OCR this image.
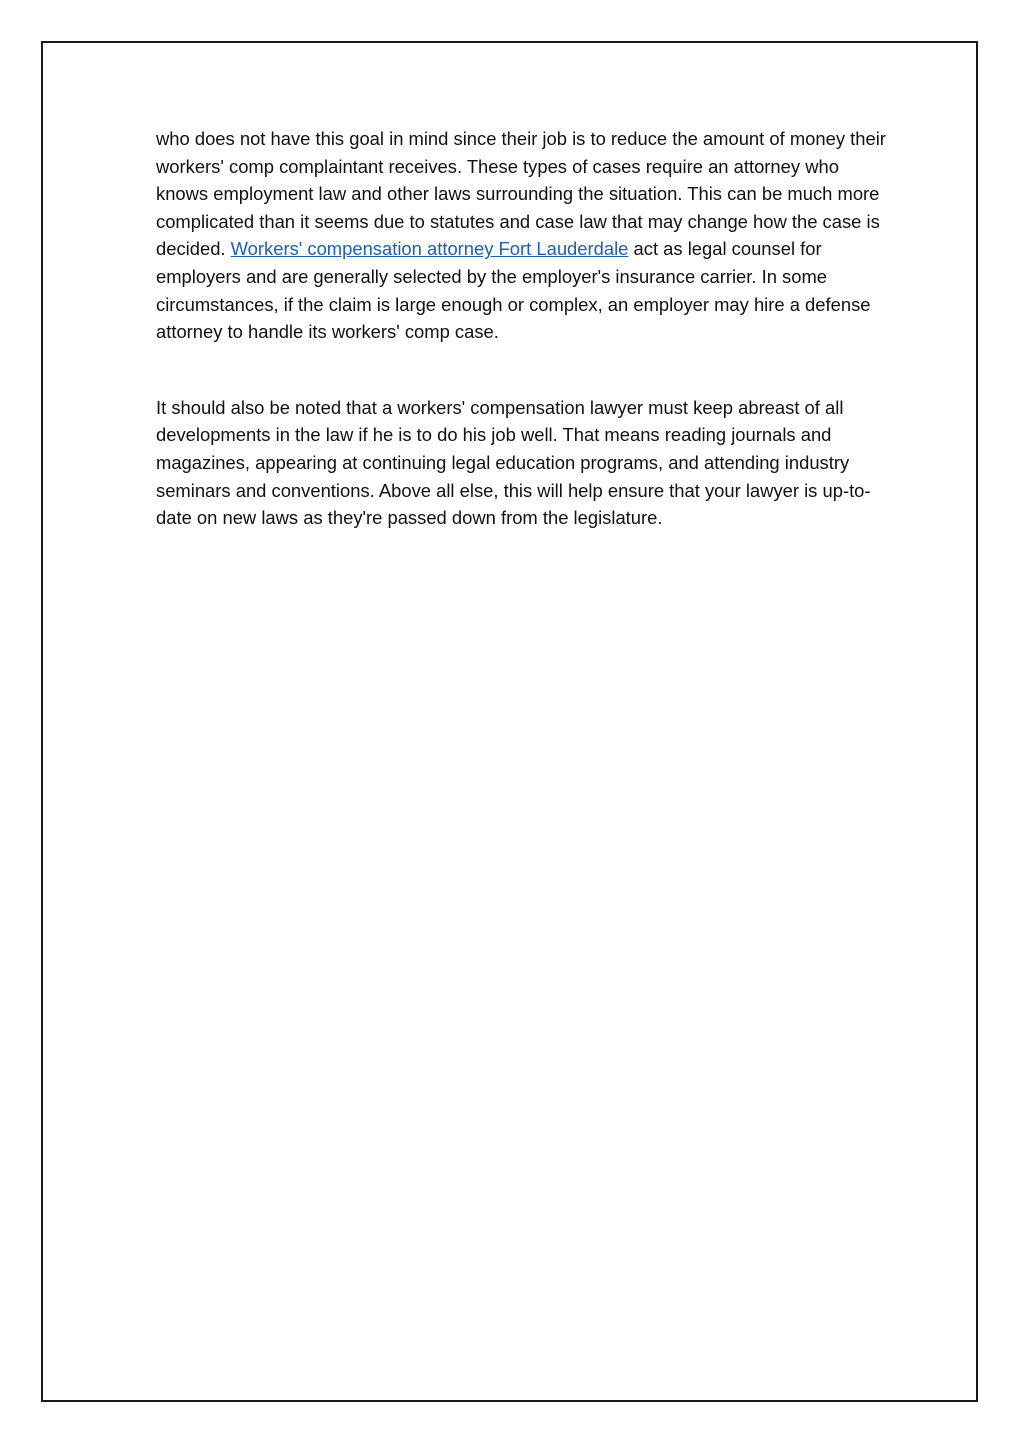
who does not have this goal in mind since their job is to reduce the amount of money their workers' comp complaintant receives. These types of cases require an attorney who knows employment law and other laws surrounding the situation. This can be much more complicated than it seems due to statutes and case law that may change how the case is decided. Workers' compensation attorney Fort Lauderdale act as legal counsel for employers and are generally selected by the employer's insurance carrier. In some circumstances, if the claim is large enough or complex, an employer may hire a defense attorney to handle its workers' comp case.

It should also be noted that a workers' compensation lawyer must keep abreast of all developments in the law if he is to do his job well. That means reading journals and magazines, appearing at continuing legal education programs, and attending industry seminars and conventions. Above all else, this will help ensure that your lawyer is up-to-date on new laws as they're passed down from the legislature.
